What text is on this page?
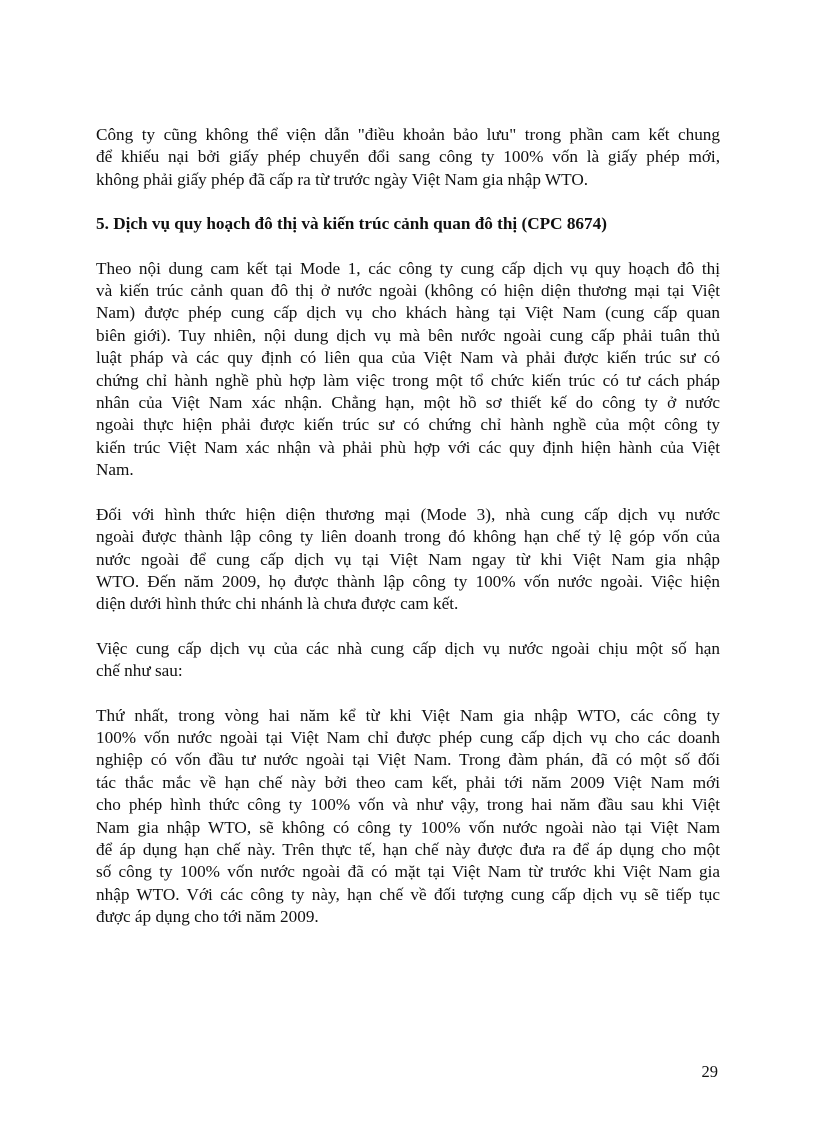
Công ty cũng không thể viện dẫn "điều khoản bảo lưu" trong phần cam kết chung
để khiếu nại bởi giấy phép chuyển đổi sang công ty 100% vốn là giấy phép mới,
không phải giấy phép đã cấp ra từ trước ngày Việt Nam gia nhập WTO.
5. Dịch vụ quy hoạch đô thị và kiến trúc cảnh quan đô thị (CPC 8674)
Theo nội dung cam kết tại Mode 1, các công ty cung cấp dịch vụ quy hoạch đô thị
và kiến trúc cảnh quan đô thị ở nước ngoài (không có hiện diện thương mại tại Việt
Nam) được phép cung cấp dịch vụ cho khách hàng tại Việt Nam (cung cấp quan
biên giới). Tuy nhiên, nội dung dịch vụ mà bên nước ngoài cung cấp phải tuân thủ
luật pháp và các quy định có liên qua của Việt Nam và phải được kiến trúc sư có
chứng chỉ hành nghề phù hợp làm việc trong một tổ chức kiến trúc có tư cách pháp
nhân của Việt Nam xác nhận. Chẳng hạn, một hồ sơ thiết kế do công ty ở nước
ngoài thực hiện phải được kiến trúc sư có chứng chỉ hành nghề của một công ty
kiến trúc Việt Nam xác nhận và phải phù hợp với các quy định hiện hành của Việt
Nam.
Đối với hình thức hiện diện thương mại (Mode 3), nhà cung cấp dịch vụ nước
ngoài được thành lập công ty liên doanh trong đó không hạn chế tỷ lệ góp vốn của
nước ngoài để cung cấp dịch vụ tại Việt Nam ngay từ khi Việt Nam gia nhập
WTO. Đến năm 2009, họ được thành lập công ty 100% vốn nước ngoài. Việc hiện
diện dưới hình thức chi nhánh là chưa được cam kết.
Việc cung cấp dịch vụ của các nhà cung cấp dịch vụ nước ngoài chịu một số hạn
chế như sau:
Thứ nhất, trong vòng hai năm kể từ khi Việt Nam gia nhập WTO, các công ty
100% vốn nước ngoài tại Việt Nam chỉ được phép cung cấp dịch vụ cho các doanh
nghiệp có vốn đầu tư nước ngoài tại Việt Nam. Trong đàm phán, đã có một số đối
tác thắc mắc về hạn chế này bởi theo cam kết, phải tới năm 2009 Việt Nam mới
cho phép hình thức công ty 100% vốn và như vậy, trong hai năm đầu sau khi Việt
Nam gia nhập WTO, sẽ không có công ty 100% vốn nước ngoài nào tại Việt Nam
để áp dụng hạn chế này. Trên thực tế, hạn chế này được đưa ra để áp dụng cho một
số công ty 100% vốn nước ngoài đã có mặt tại Việt Nam từ trước khi Việt Nam gia
nhập WTO. Với các công ty này, hạn chế về đối tượng cung cấp dịch vụ sẽ tiếp tục
được áp dụng cho tới năm 2009.
29
